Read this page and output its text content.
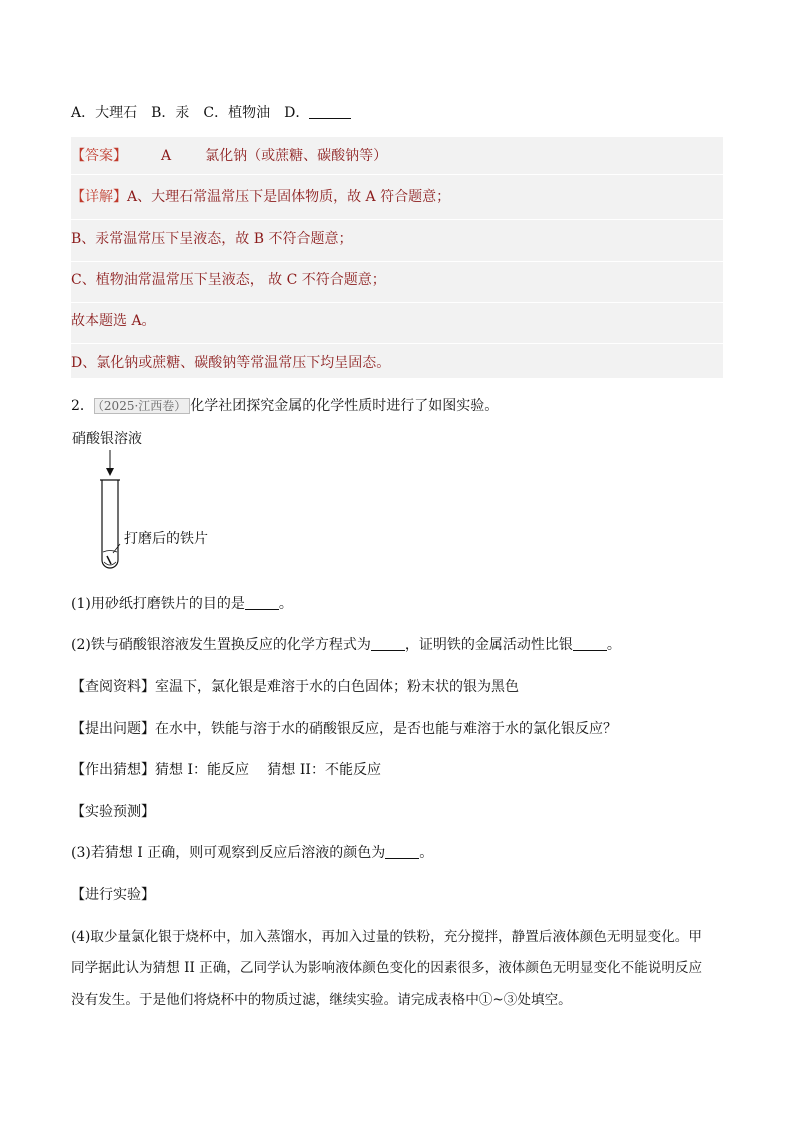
A．大理石　B．汞　C．植物油　D．
【答案】 A 氯化钠（或蔗糖、碳酸钠等）
【详解】A、大理石常温常压下是固体物质，故 A 符合题意；
B、汞常温常压下呈液态，故 B 不符合题意；
C、植物油常温常压下呈液态， 故 C 不符合题意；
故本题选 A。
D、氯化钠或蔗糖、碳酸钠等常温常压下均呈固态。
2． （2025·江西卷） 化学社团探究金属的化学性质时进行了如图实验。
硝酸银溶液
打磨后的铁片
(1)用砂纸打磨铁片的目的是 。
(2)铁与硝酸银溶液发生置换反应的化学方程式为 ，证明铁的金属活动性比银 。
【查阅资料】室温下，氯化银是难溶于水的白色固体；粉末状的银为黑色
【提出问题】在水中，铁能与溶于水的硝酸银反应，是否也能与难溶于水的氯化银反应？
【作出猜想】猜想 I：能反应　 猜想 II：不能反应
【实验预测】
(3)若猜想 I 正确，则可观察到反应后溶液的颜色为 。
【进行实验】
(4)取少量氯化银于烧杯中，加入蒸馏水，再加入过量的铁粉，充分搅拌，静置后液体颜色无明显变化。甲
同学据此认为猜想 II 正确，乙同学认为影响液体颜色变化的因素很多，液体颜色无明显变化不能说明反应
没有发生。于是他们将烧杯中的物质过滤，继续实验。请完成表格中①~③处填空。
